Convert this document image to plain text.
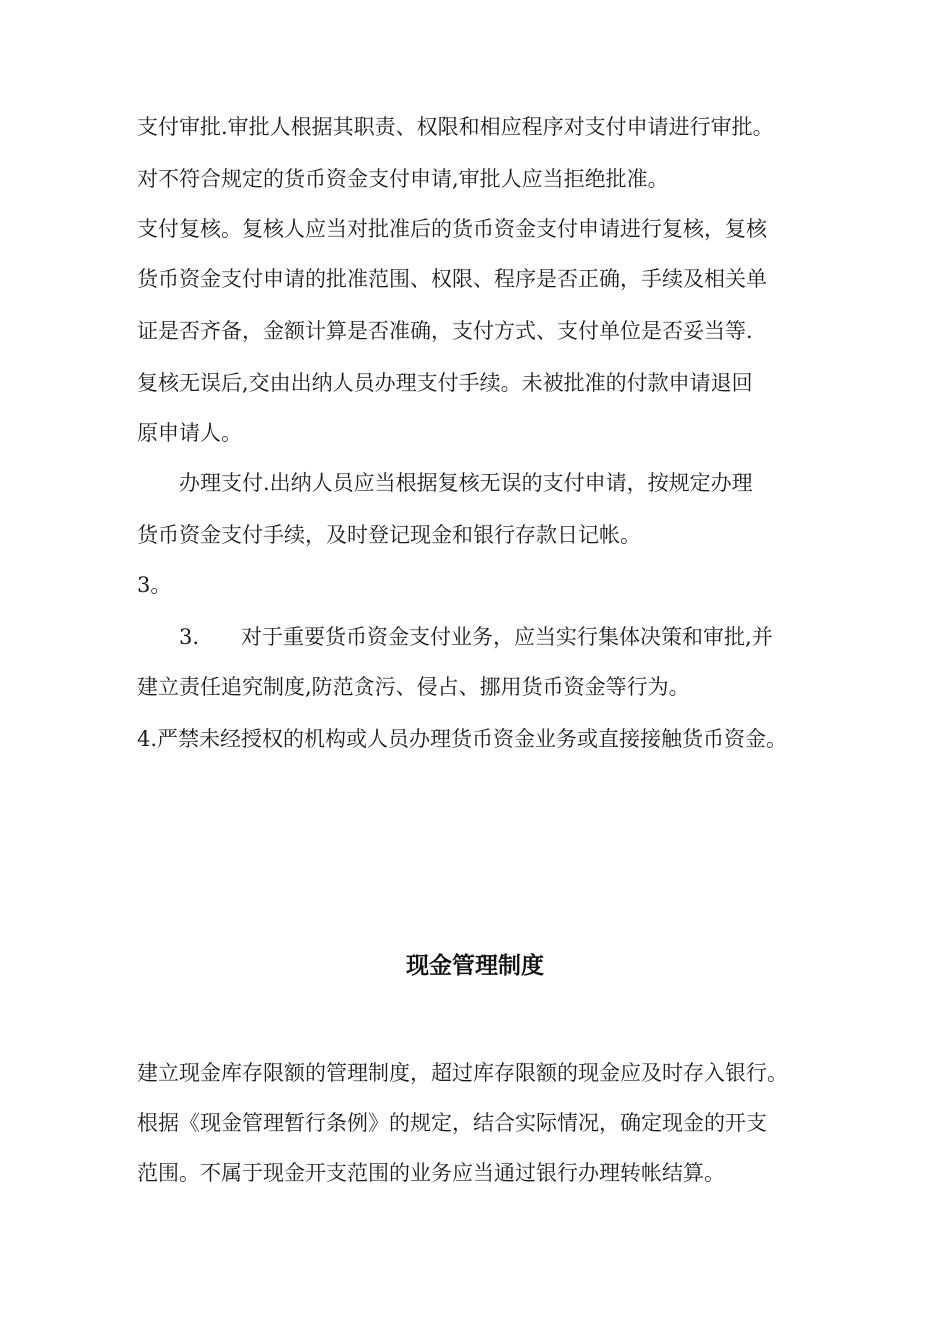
支付审批.审批人根据其职责、权限和相应程序对支付申请进行审批。
对不符合规定的货币资金支付申请,审批人应当拒绝批准。
支付复核。复核人应当对批准后的货币资金支付申请进行复核，复核
货币资金支付申请的批准范围、权限、程序是否正确，手续及相关单
证是否齐备，金额计算是否准确，支付方式、支付单位是否妥当等.
复核无误后,交由出纳人员办理支付手续。未被批准的付款申请退回
原申请人。
办理支付.出纳人员应当根据复核无误的支付申请，按规定办理
货币资金支付手续，及时登记现金和银行存款日记帐。
3。
3.　　对于重要货币资金支付业务，应当实行集体决策和审批,并
建立责任追究制度,防范贪污、侵占、挪用货币资金等行为。
4.严禁未经授权的机构或人员办理货币资金业务或直接接触货币资金。
现金管理制度
建立现金库存限额的管理制度，超过库存限额的现金应及时存入银行。
根据《现金管理暂行条例》的规定，结合实际情况，确定现金的开支
范围。不属于现金开支范围的业务应当通过银行办理转帐结算。
